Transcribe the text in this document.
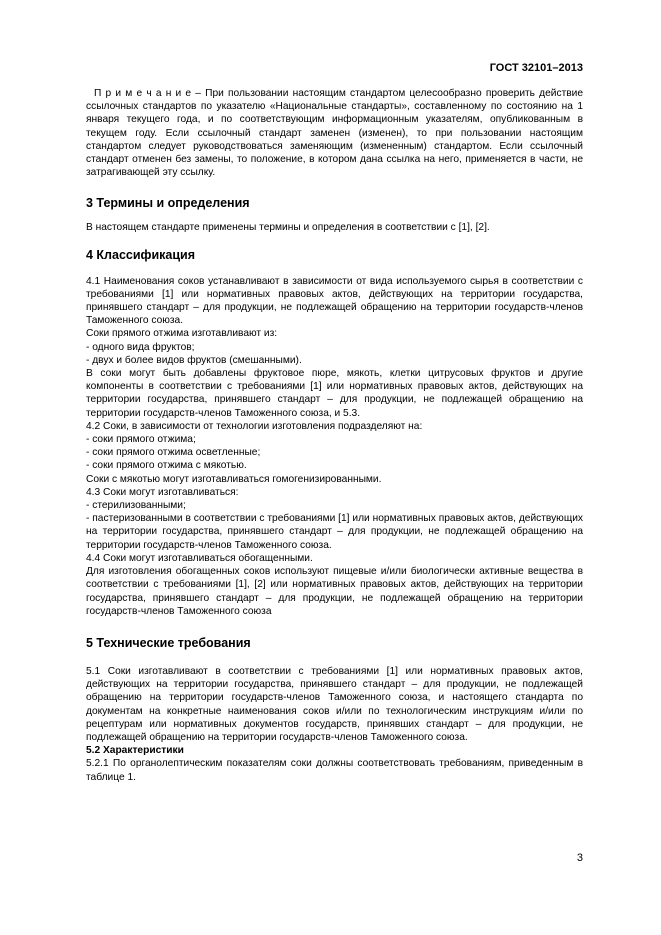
ГОСТ 32101–2013

П р и м е ч а н и е – При пользовании настоящим стандартом целесообразно проверить действие ссылочных стандартов по указателю «Национальные стандарты», составленному по состоянию на 1 января текущего года, и по соответствующим информационным указателям, опубликованным в текущем году. Если ссылочный стандарт заменен (изменен), то при пользовании настоящим стандартом следует руководствоваться заменяющим (измененным) стандартом. Если ссылочный стандарт отменен без замены, то положение, в котором дана ссылка на него, применяется в части, не затрагивающей эту ссылку.

3 Термины и определения

В настоящем стандарте применены термины и определения в соответствии с [1], [2].

4 Классификация

4.1 Наименования соков устанавливают в зависимости от вида используемого сырья в соответствии с требованиями [1] или нормативных правовых актов, действующих на территории государства, принявшего стандарт – для продукции, не подлежащей обращению на территории государств-членов Таможенного союза.

Соки прямого отжима изготавливают из:

- одного вида фруктов;

- двух и более видов фруктов (смешанными).

В соки могут быть добавлены фруктовое пюре, мякоть, клетки цитрусовых фруктов и другие компоненты в соответствии с требованиями [1] или нормативных правовых актов, действующих на территории государства, принявшего стандарт – для продукции, не подлежащей обращению на территории государств-членов Таможенного союза, и 5.3.

4.2 Соки, в зависимости от технологии изготовления подразделяют на:

- соки прямого отжима;

- соки прямого отжима осветленные;

- соки прямого отжима с мякотью.

Соки с мякотью могут изготавливаться гомогенизированными.

4.3 Соки могут изготавливаться:

- стерилизованными;

- пастеризованными в соответствии с требованиями [1] или нормативных правовых актов, действующих на территории государства, принявшего стандарт – для продукции, не подлежащей обращению на территории государств-членов Таможенного союза.

4.4 Соки могут изготавливаться обогащенными.

Для изготовления обогащенных соков используют пищевые и/или биологически активные вещества в соответствии с требованиями [1], [2] или нормативных правовых актов, действующих на территории государства, принявшего стандарт – для продукции, не подлежащей обращению на территории государств-членов Таможенного союза

5 Технические требования

5.1 Соки изготавливают в соответствии с требованиями [1] или нормативных правовых актов, действующих на территории государства, принявшего стандарт – для продукции, не подлежащей обращению на территории государств-членов Таможенного союза, и настоящего стандарта по документам на конкретные наименования соков и/или по технологическим инструкциям и/или по рецептурам или нормативных документов государств, принявших стандарт – для продукции, не подлежащей обращению на территории государств-членов Таможенного союза.

5.2 Характеристики

5.2.1 По органолептическим показателям соки должны соответствовать требованиям, приведенным в таблице 1.

3
